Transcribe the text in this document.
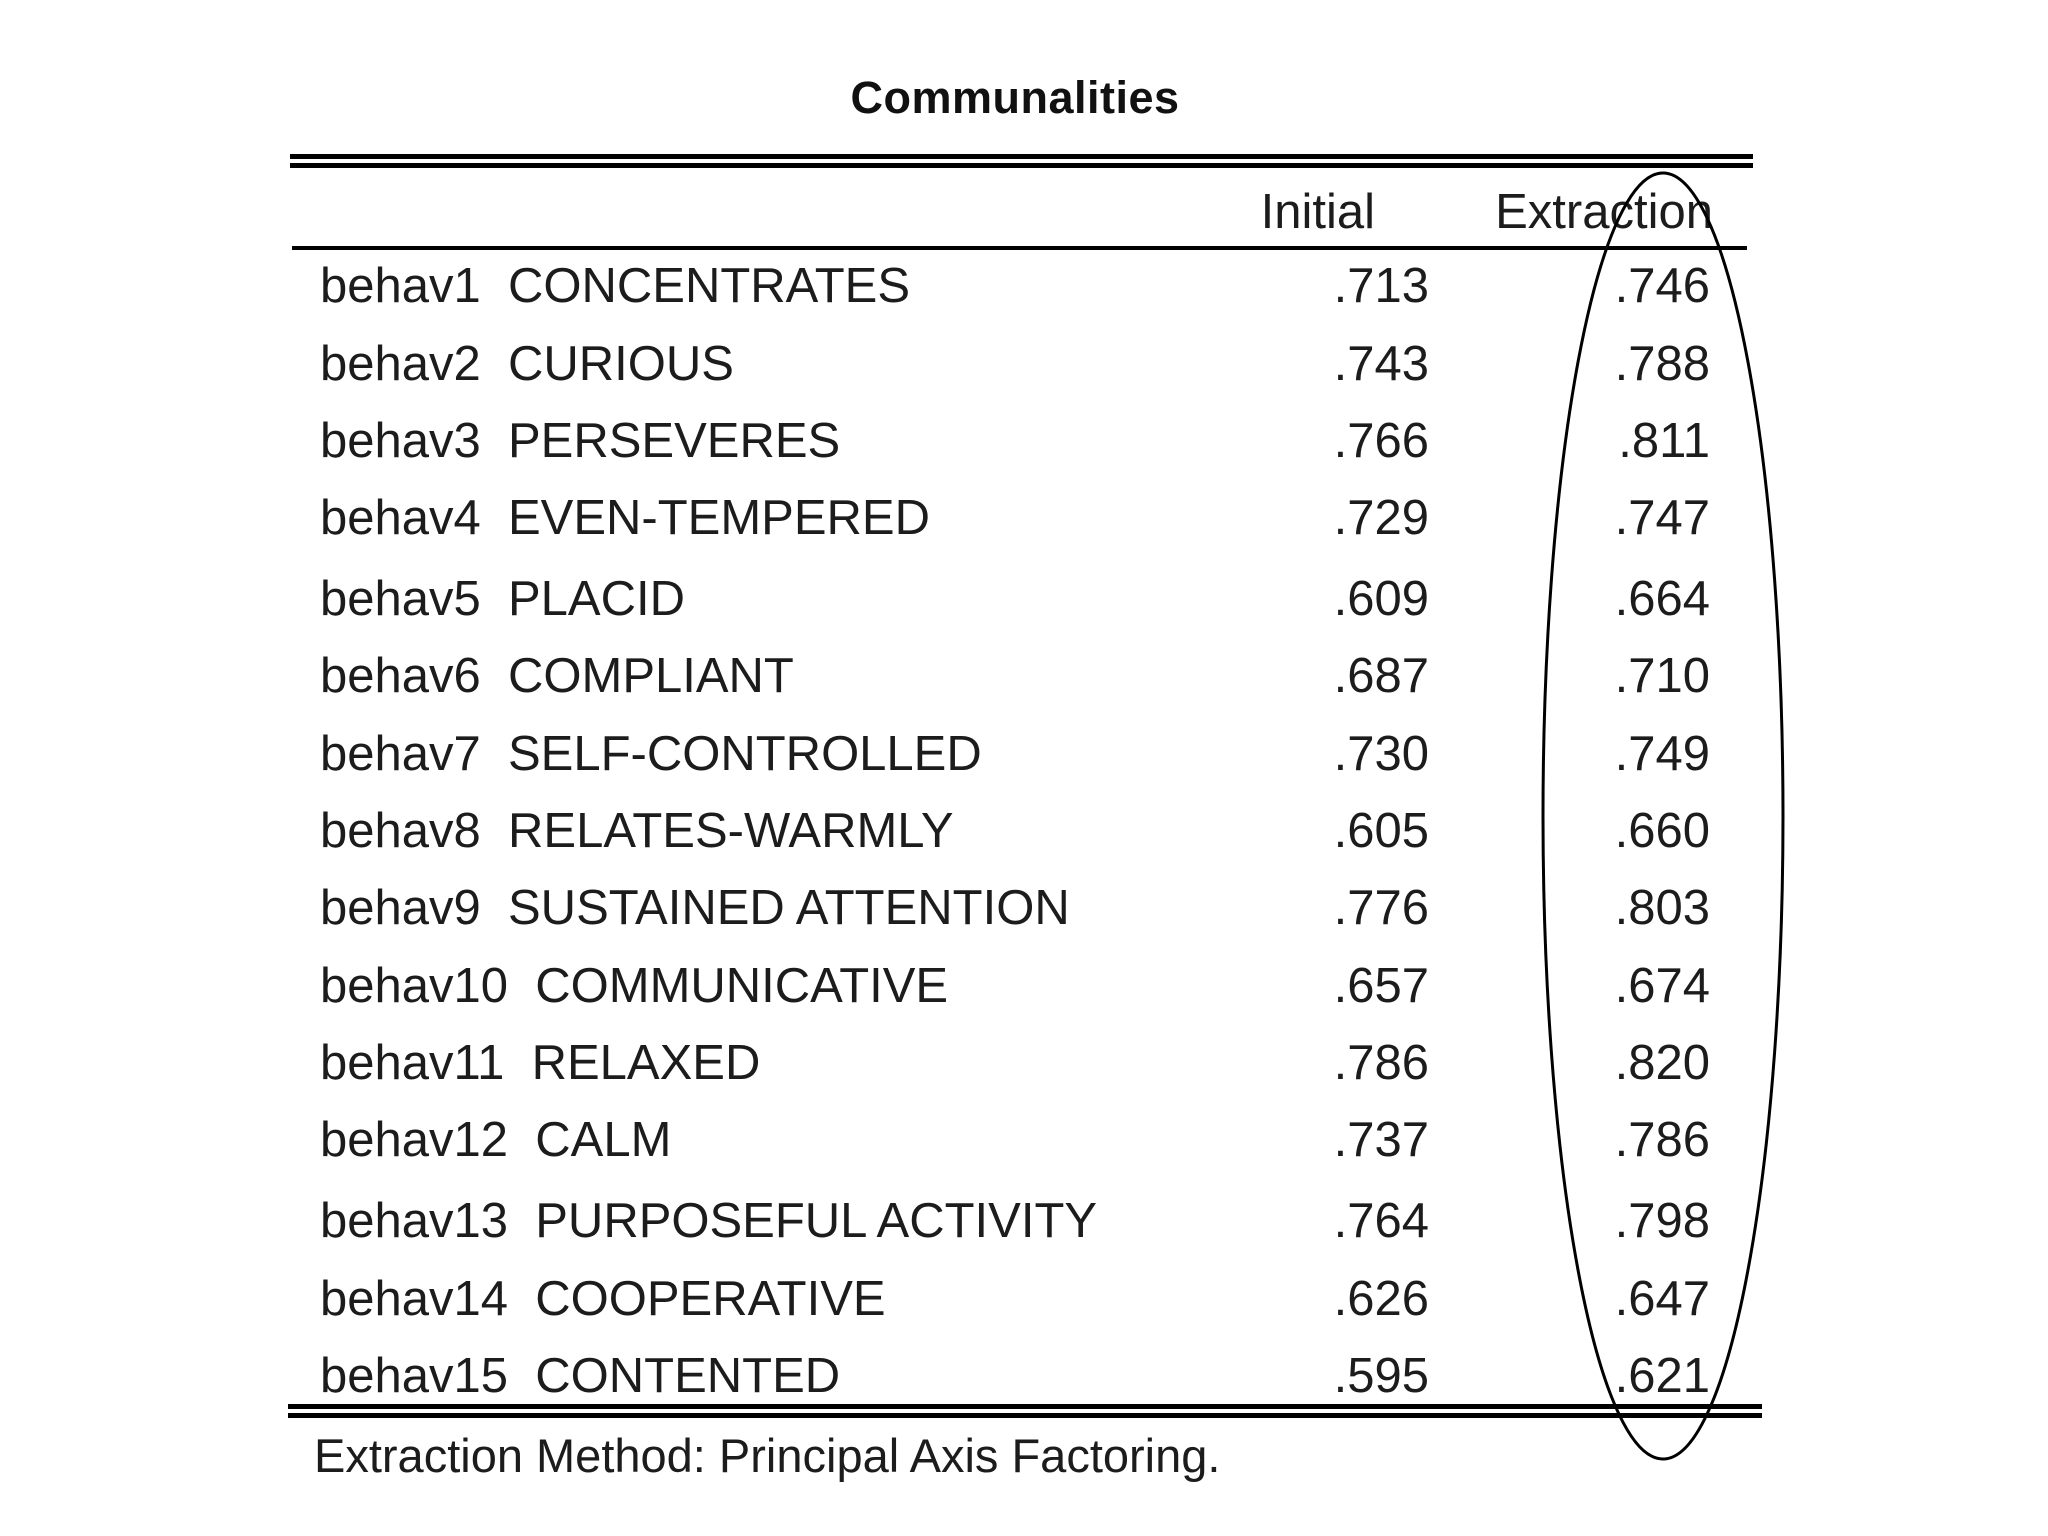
Communalities
Initial Extraction
behav1 CONCENTRATES	.713	.746
behav2 CURIOUS	.743	.788
behav3 PERSEVERES	.766	.811
behav4 EVEN-TEMPERED	.729	.747
behav5 PLACID	.609	.664
behav6 COMPLIANT	.687	.710
behav7 SELF-CONTROLLED	.730	.749
behav8 RELATES-WARMLY	.605	.660
behav9 SUSTAINED ATTENTION	.776	.803
behav10 COMMUNICATIVE	.657	.674
behav11 RELAXED	.786	.820
behav12 CALM	.737	.786
behav13 PURPOSEFUL ACTIVITY	.764	.798
behav14 COOPERATIVE	.626	.647
behav15 CONTENTED	.595	.621
Extraction Method: Principal Axis Factoring.
